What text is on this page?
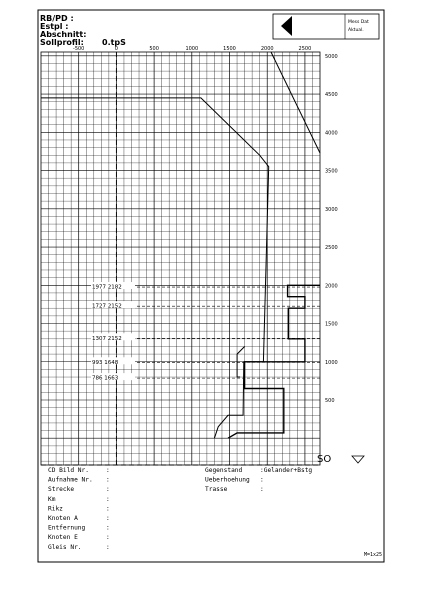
RB/PD :
Estpl :
Abschnitt:
Sollprofil: 0.tpS
Mess Dat
Aktual.
-500	0	500	1000	1500	2000	2500
5000
4500
4000
3500
3000
2500
2000
1500
1000
500
1977 2182
1727 2152
1307 2152
993 1648
786 1663
SO
CD Bild Nr.	:
Aufnahme Nr. :
Strecke	:
Km	:
Rikz	:
Knoten A	:
Entfernung	:
Knoten E	:
Gleis Nr.	:
Gegenstand	:Gelander+Bstg
Ueberhoehung :
Trasse	:
M=1x25
